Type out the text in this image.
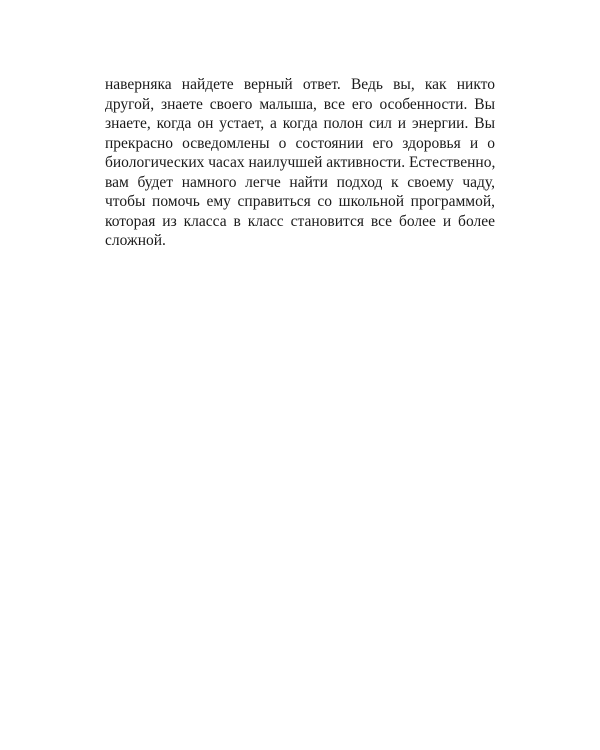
наверняка найдете верный ответ. Ведь вы, как никто
другой, знаете своего малыша, все его особенности. Вы
знаете, когда он устает, а когда полон сил и энергии. Вы
прекрасно осведомлены о состоянии его здоровья и о
биологических часах наилучшей активности. Естественно,
вам будет намного легче найти подход к своему чаду,
чтобы помочь ему справиться со школьной программой,
которая из класса в класс становится все более и более
сложной.
